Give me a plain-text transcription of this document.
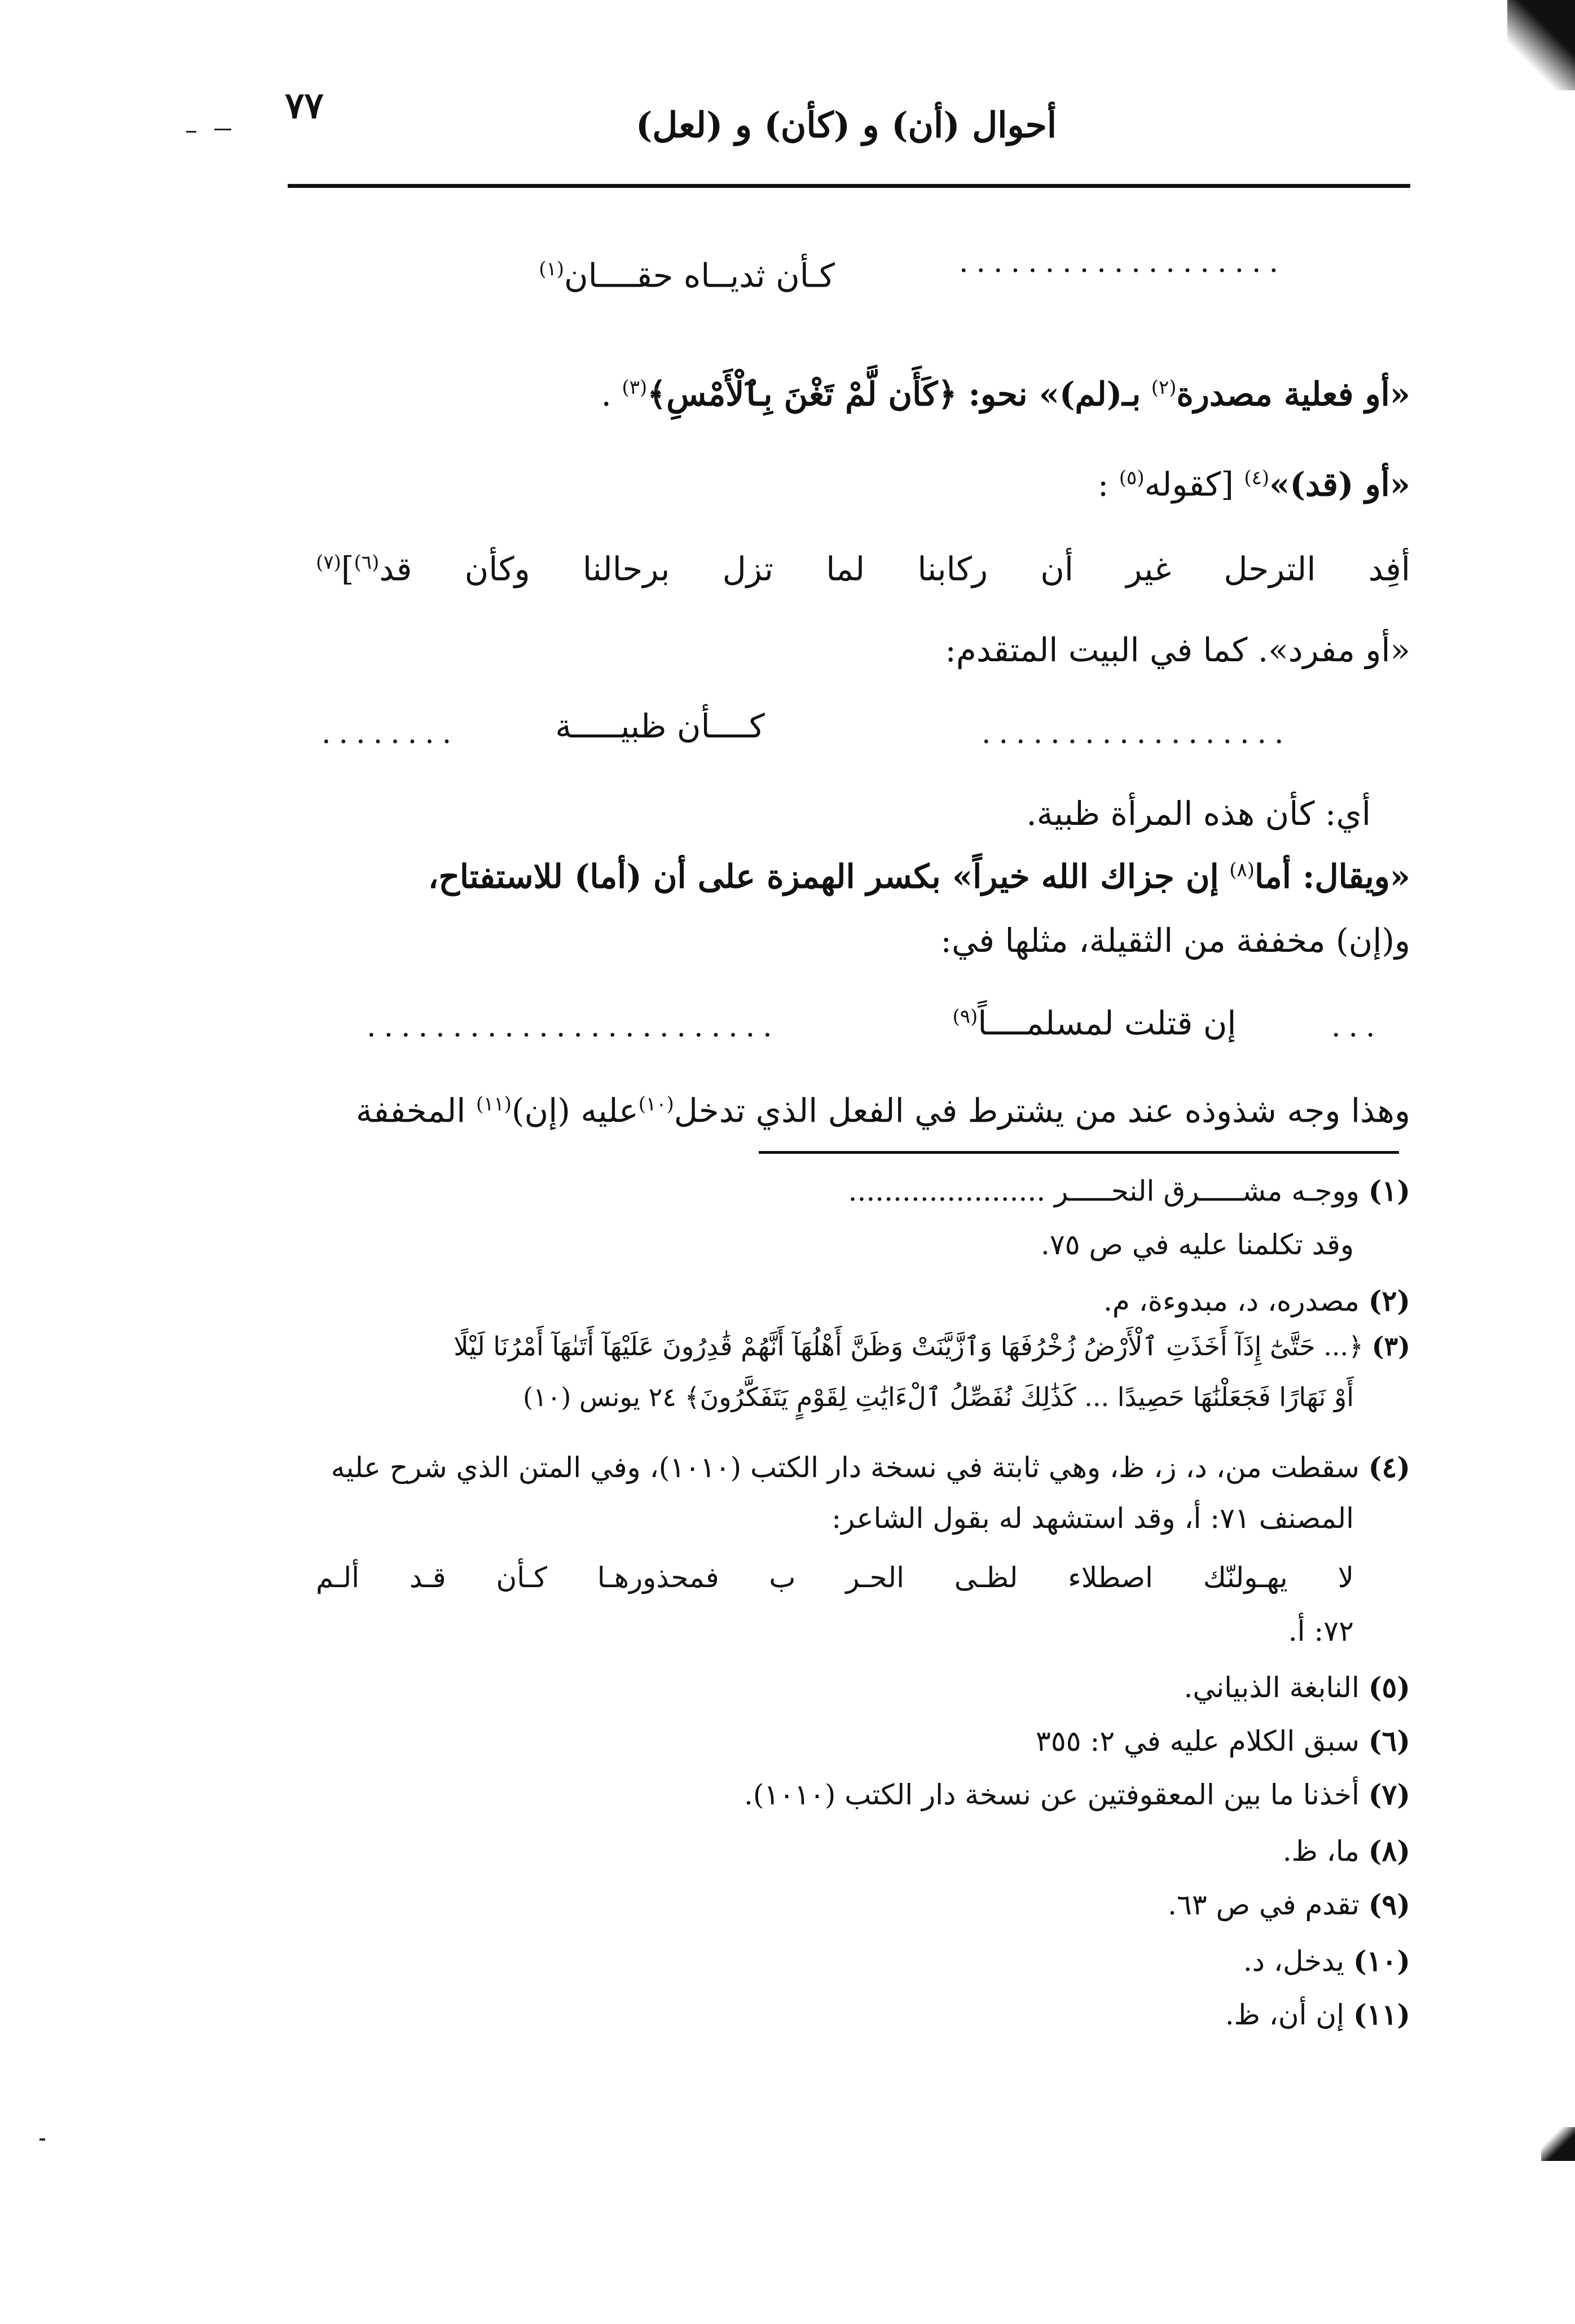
٧٧	أحوال (أن) و (كأن) و (لعل)
...................
كـأن ثديــاه حقــــان$^{(١)}$
«أو فعلية مصدرة$^{(٢)}$ بـ(لم)» نحو: ﴿كَأَن لَّمْ تَغْنَ بِٱلْأَمْسِ﴾$^{(٣)}$ .
«أو (قد)»$^{(٤)}$ [كقوله$^{(٥)}$ :
أفِد الترحل غير أن ركابنا لما تزل برحالنا وكأن قد$^{(٦)}$]$^{(٧)}$
«أو مفرد». كما في البيت المتقدم:
..................
كــــأن ظبيـــــة
........
أي: كأن هذه المرأة ظبية.
«ويقال: أما$^{(٨)}$ إن جزاك الله خيراً» بكسر الهمزة على أن (أما) للاستفتاح،
و(إن) مخففة من الثقيلة، مثلها في:
...
إن قتلت لمسلمــــاً$^{(٩)}$
........................
وهذا وجه شذوذه عند من يشترط في الفعل الذي تدخل$^{(١٠)}$عليه (إن)$^{(١١)}$ المخففة
(١) ووجـه مشـــــرق النحـــــر ......................
وقد تكلمنا عليه في ص ٧٥.
(٢) مصدره، د، مبدوءة، م.
(٣) ﴿... حَتَّىٰٓ إِذَآ أَخَذَتِ ٱلْأَرْضُ زُخْرُفَهَا وَٱزَّيَّنَتْ وَظَنَّ أَهْلُهَآ أَنَّهُمْ قَٰدِرُونَ عَلَيْهَآ أَتَىٰهَآ أَمْرُنَا لَيْلًا
أَوْ نَهَارًا فَجَعَلْنَٰهَا حَصِيدًا ... كَذَٰلِكَ نُفَصِّلُ ٱلْءَايَٰتِ لِقَوْمٍ يَتَفَكَّرُونَ﴾ ٢٤ يونس (١٠)
(٤) سقطت من، د، ز، ظ، وهي ثابتة في نسخة دار الكتب (١٠١٠)، وفي المتن الذي شرح عليه
المصنف ٧١: أ، وقد استشهد له بقول الشاعر:
لا يهـولنّك اصطلاء لظـى الحـر ب فمحذورهـا كـأن قـد ألـم
٧٢: أ.
(٥) النابغة الذبياني.
(٦) سبق الكلام عليه في ٢: ٣٥٥
(٧) أخذنا ما بين المعقوفتين عن نسخة دار الكتب (١٠١٠).
(٨) ما، ظ.
(٩) تقدم في ص ٦٣.
(١٠) يدخل، د.
(١١) إن أن، ظ.
